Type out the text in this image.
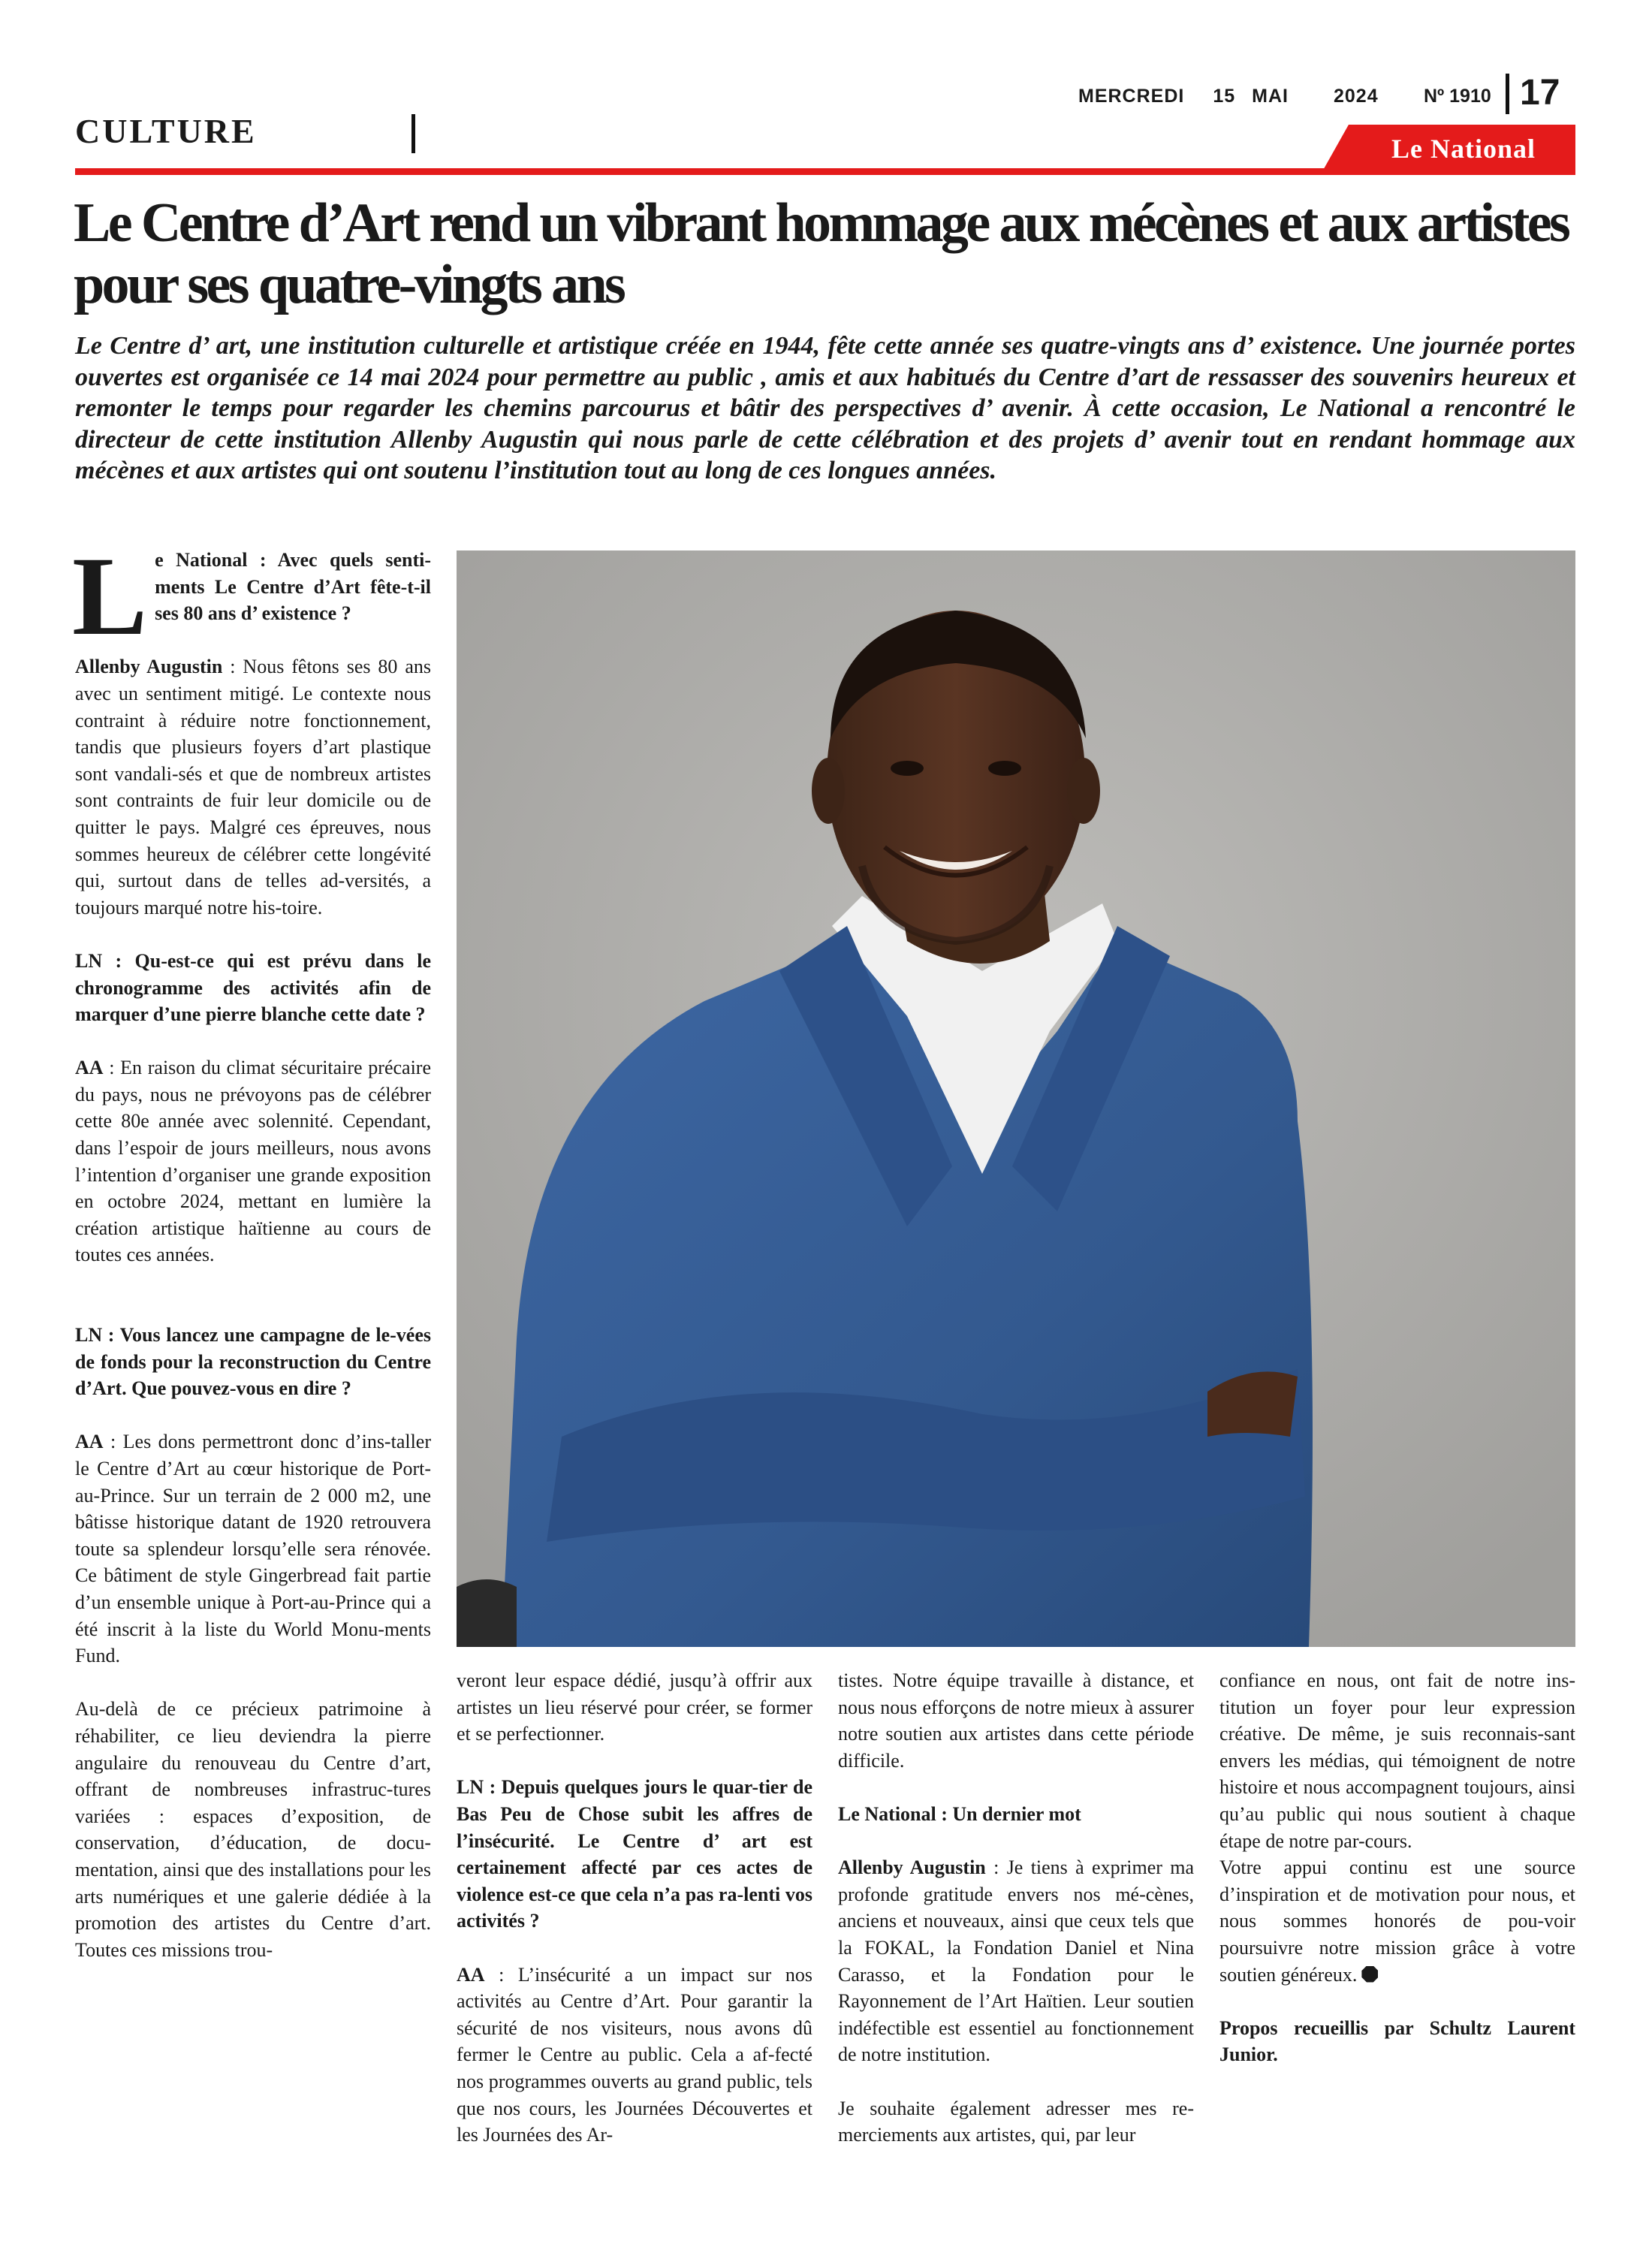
MERCREDI 15 MAI 2024 Nº 1910 17
CULTURE	Le National
Le Centre d’Art rend un vibrant hommage aux mécènes et aux artistes pour ses quatre-vingts ans

Le Centre d’ art, une institution culturelle et artistique créée en 1944, fête cette année ses quatre-vingts ans d’ existence. Une journée portes ouvertes est organisée ce 14 mai 2024 pour permettre au public , amis et aux habitués du Centre d’art de ressasser des souvenirs heureux et remonter le temps pour regarder les chemins parcourus et bâtir des perspectives d’ avenir. À cette occasion, Le National a rencontré le directeur de cette institution Allenby Augustin qui nous parle de cette célébration et des projets d’ avenir tout en rendant hommage aux mécènes et aux artistes qui ont soutenu l’institution tout au long de ces longues années.

L e National : Avec quels senti-ments Le Centre d’Art fête-t-il ses 80 ans d’ existence ?

Allenby Augustin : Nous fêtons ses 80 ans avec un sentiment mitigé. Le contexte nous contraint à réduire notre fonctionnement, tandis que plusieurs foyers d’art plastique sont vandali-sés et que de nombreux artistes sont contraints de fuir leur domicile ou de quitter le pays. Malgré ces épreuves, nous sommes heureux de célébrer cette longévité qui, surtout dans de telles ad-versités, a toujours marqué notre his-toire.

LN : Qu-est-ce qui est prévu dans le chronogramme des activités afin de marquer d’une pierre blanche cette date ?

AA : En raison du climat sécuritaire précaire du pays, nous ne prévoyons pas de célébrer cette 80e année avec solennité. Cependant, dans l’espoir de jours meilleurs, nous avons l’intention d’organiser une grande exposition en octobre 2024, mettant en lumière la création artistique haïtienne au cours de toutes ces années.

LN : Vous lancez une campagne de le-vées de fonds pour la reconstruction du Centre d’Art. Que pouvez-vous en dire ?

AA : Les dons permettront donc d’ins-taller le Centre d’Art au cœur historique de Port-au-Prince. Sur un terrain de 2 000 m2, une bâtisse historique datant de 1920 retrouvera toute sa splendeur lorsqu’elle sera rénovée. Ce bâtiment de style Gingerbread fait partie d’un ensemble unique à Port-au-Prince qui a été inscrit à la liste du World Monu-ments Fund.

Au-delà de ce précieux patrimoine à réhabiliter, ce lieu deviendra la pierre angulaire du renouveau du Centre d’art, offrant de nombreuses infrastruc-tures variées : espaces d’exposition, de conservation, d’éducation, de docu-mentation, ainsi que des installations pour les arts numériques et une galerie dédiée à la promotion des artistes du Centre d’art. Toutes ces missions trou-

veront leur espace dédié, jusqu’à offrir aux artistes un lieu réservé pour créer, se former et se perfectionner.

LN : Depuis quelques jours le quar-tier de Bas Peu de Chose subit les affres de l’insécurité. Le Centre d’ art est certainement affecté par ces actes de violence est-ce que cela n’a pas ra-lenti vos activités ?

AA : L’insécurité a un impact sur nos activités au Centre d’Art. Pour garantir la sécurité de nos visiteurs, nous avons dû fermer le Centre au public. Cela a af-fecté nos programmes ouverts au grand public, tels que nos cours, les Journées Découvertes et les Journées des Ar-

tistes. Notre équipe travaille à distance, et nous nous efforçons de notre mieux à assurer notre soutien aux artistes dans cette période difficile.

Le National : Un dernier mot

Allenby Augustin : Je tiens à exprimer ma profonde gratitude envers nos mé-cènes, anciens et nouveaux, ainsi que ceux tels que la FOKAL, la Fondation Daniel et Nina Carasso, et la Fondation pour le Rayonnement de l’Art Haïtien. Leur soutien indéfectible est essentiel au fonctionnement de notre institution.

Je souhaite également adresser mes re-merciements aux artistes, qui, par leur

confiance en nous, ont fait de notre ins-titution un foyer pour leur expression créative. De même, je suis reconnais-sant envers les médias, qui témoignent de notre histoire et nous accompagnent toujours, ainsi qu’au public qui nous soutient à chaque étape de notre par-cours.

Votre appui continu est une source d’inspiration et de motivation pour nous, et nous sommes honorés de pou-voir poursuivre notre mission grâce à votre soutien généreux.

Propos recueillis par Schultz Laurent Junior.
